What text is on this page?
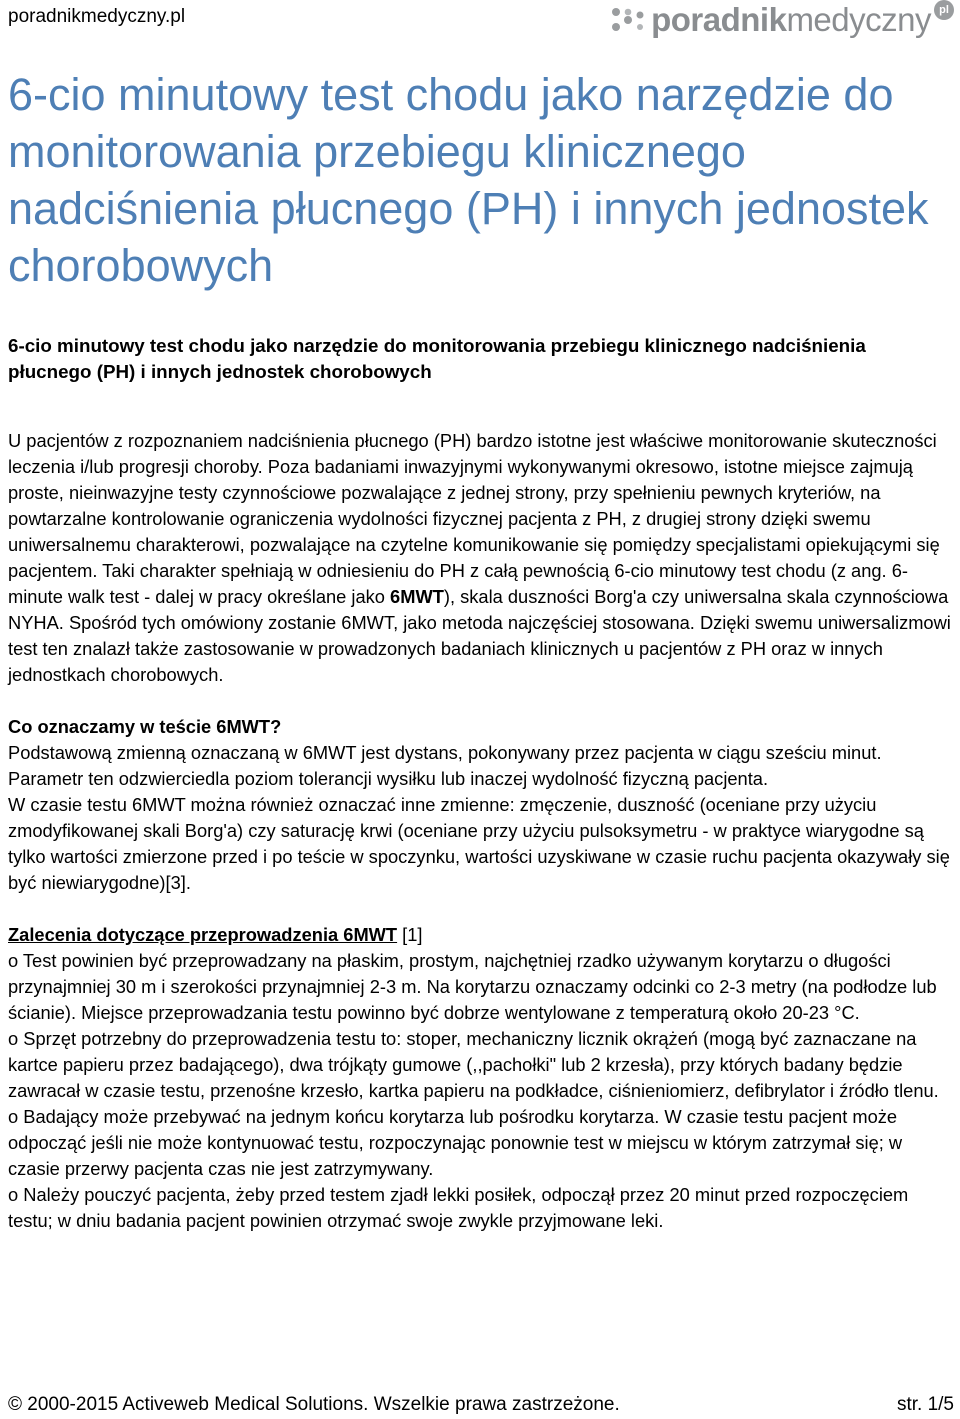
poradnikmedyczny.pl	poradnikmedyczny pl
6-cio minutowy test chodu jako narzędzie do monitorowania przebiegu klinicznego nadciśnienia płucnego (PH) i innych jednostek chorobowych

6-cio minutowy test chodu jako narzędzie do monitorowania przebiegu klinicznego nadciśnienia płucnego (PH) i innych jednostek chorobowych

U pacjentów z rozpoznaniem nadciśnienia płucnego (PH) bardzo istotne jest właściwe monitorowanie skuteczności leczenia i/lub progresji choroby. Poza badaniami inwazyjnymi wykonywanymi okresowo, istotne miejsce zajmują proste, nieinwazyjne testy czynnościowe pozwalające z jednej strony, przy spełnieniu pewnych kryteriów, na powtarzalne kontrolowanie ograniczenia wydolności fizycznej pacjenta z PH, z drugiej strony dzięki swemu uniwersalnemu charakterowi, pozwalające na czytelne komunikowanie się pomiędzy specjalistami opiekującymi się pacjentem. Taki charakter spełniają w odniesieniu do PH z całą pewnością 6-cio minutowy test chodu (z ang. 6-minute walk test - dalej w pracy określane jako 6MWT), skala duszności Borg'a czy uniwersalna skala czynnościowa NYHA. Spośród tych omówiony zostanie 6MWT, jako metoda najczęściej stosowana. Dzięki swemu uniwersalizmowi test ten znalazł także zastosowanie w prowadzonych badaniach klinicznych u pacjentów z PH oraz w innych jednostkach chorobowych.

Co oznaczamy w teście 6MWT?

Podstawową zmienną oznaczaną w 6MWT jest dystans, pokonywany przez pacjenta w ciągu sześciu minut. Parametr ten odzwierciedla poziom tolerancji wysiłku lub inaczej wydolność fizyczną pacjenta.

W czasie testu 6MWT można również oznaczać inne zmienne: zmęczenie, duszność (oceniane przy użyciu zmodyfikowanej skali Borg'a) czy saturację krwi (oceniane przy użyciu pulsoksymetru - w praktyce wiarygodne są tylko wartości zmierzone przed i po teście w spoczynku, wartości uzyskiwane w czasie ruchu pacjenta okazywały się być niewiarygodne)[3].

Zalecenia dotyczące przeprowadzenia 6MWT [1]

o Test powinien być przeprowadzany na płaskim, prostym, najchętniej rzadko używanym korytarzu o długości przynajmniej 30 m i szerokości przynajmniej 2-3 m. Na korytarzu oznaczamy odcinki co 2-3 metry (na podłodze lub ścianie). Miejsce przeprowadzania testu powinno być dobrze wentylowane z temperaturą około 20-23 °C.

o Sprzęt potrzebny do przeprowadzenia testu to: stoper, mechaniczny licznik okrążeń (mogą być zaznaczane na kartce papieru przez badającego), dwa trójkąty gumowe (,,pachołki" lub 2 krzesła), przy których badany będzie zawracał w czasie testu, przenośne krzesło, kartka papieru na podkładce, ciśnieniomierz, defibrylator i źródło tlenu.

o Badający może przebywać na jednym końcu korytarza lub pośrodku korytarza. W czasie testu pacjent może odpocząć jeśli nie może kontynuować testu, rozpoczynając ponownie test w miejscu w którym zatrzymał się; w czasie przerwy pacjenta czas nie jest zatrzymywany.

o Należy pouczyć pacjenta, żeby przed testem zjadł lekki posiłek, odpoczął przez 20 minut przed rozpoczęciem testu; w dniu badania pacjent powinien otrzymać swoje zwykle przyjmowane leki.

© 2000-2015 Activeweb Medical Solutions. Wszelkie prawa zastrzeżone.	str. 1/5
